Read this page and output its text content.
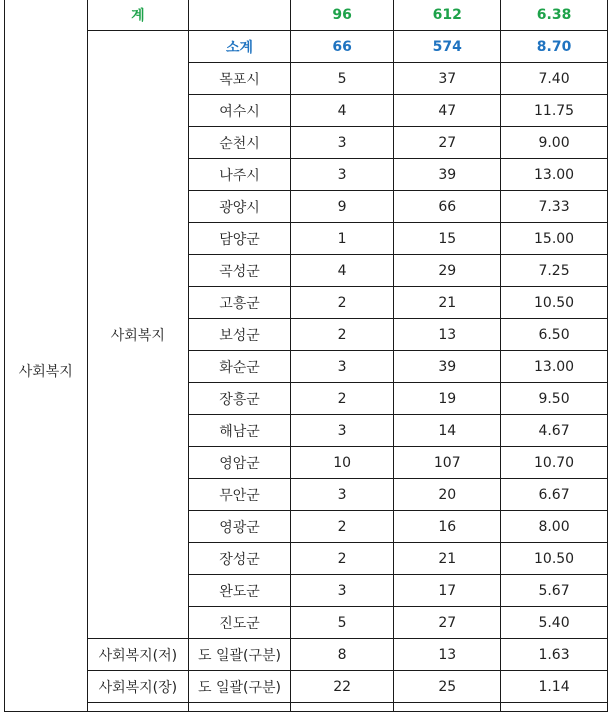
	계		96	612	6.38
사회복지	사회복지	소계	66	574	8.70
		목포시	5	37	7.40
		여수시	4	47	11.75
		순천시	3	27	9.00
		나주시	3	39	13.00
		광양시	9	66	7.33
		담양군	1	15	15.00
		곡성군	4	29	7.25
		고흥군	2	21	10.50
		보성군	2	13	6.50
		화순군	3	39	13.00
		장흥군	2	19	9.50
		해남군	3	14	4.67
		영암군	10	107	10.70
		무안군	3	20	6.67
		영광군	2	16	8.00
		장성군	2	21	10.50
		완도군	3	17	5.67
		진도군	5	27	5.40
	사회복지(저)	도 일괄(구분)	8	13	1.63
	사회복지(장)	도 일괄(구분)	22	25	1.14
